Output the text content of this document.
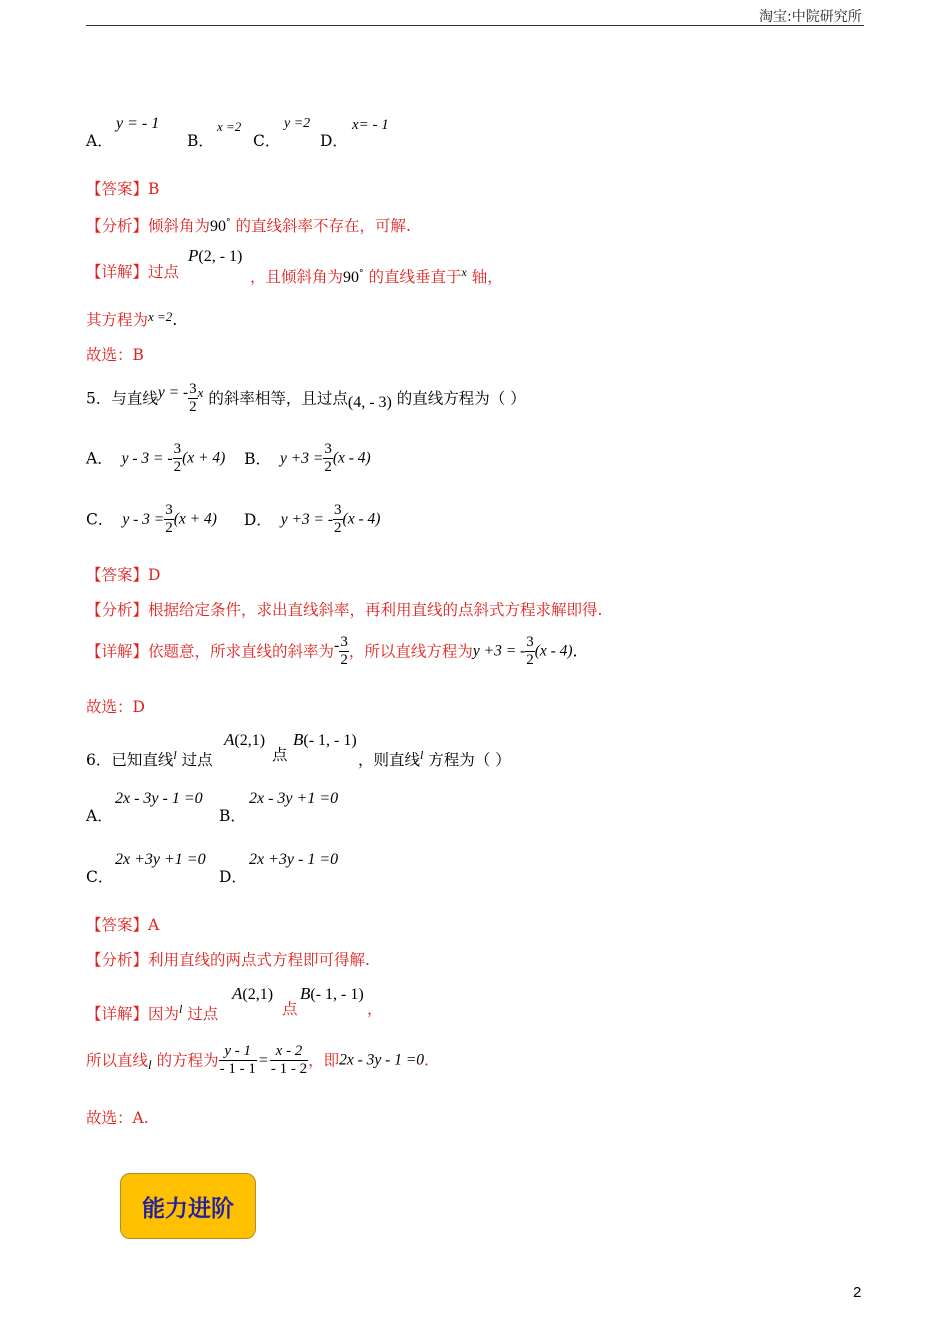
淘宝:中院研究所
A．
y = - 1
B．
x =2
C．
y =2
D．
x= - 1
【答案】B
【分析】倾斜角为90° 的直线斜率不存在，可解.
【详解】过点
P(2, - 1)
，且倾斜角为90° 的直线垂直于$^x$ 轴，
其方程为$^{x =2}$.
故选：B
5．与直线y = - $\frac{3}{2} ^x$ 的斜率相等，且过点(4, - 3) 的直线方程为（ ）
A． y - 3 = - $\frac{3}{2} (x + 4)$ B． $y +3 = \frac{3}{2} (x - 4)$
C． $y - 3 = \frac{3}{2} (x + 4)$ D． y +3 = - $\frac{3}{2} (x - 4)$
【答案】D
【分析】根据给定条件，求出直线斜率，再利用直线的点斜式方程求解即得.
【详解】依题意，所求直线的斜率为- $\frac{3}{2}$ ，所以直线方程为y +3 = - $\frac{3}{2} (x - 4)$.
故选：D
6．已知直线$^l$ 过点
A(2,1)
点
B(- 1, - 1)
，则直线$^l$ 方程为（ ）
A．
2x - 3y - 1 =0
B．
2x - 3y +1 =0
C．
2x +3y +1 =0
D．
2x +3y - 1 =0
【答案】A
【分析】利用直线的两点式方程即可得解.
【详解】因为$^l$ 过点
A(2,1)
点
B(- 1, - 1)
，
所以直线$_l$ 的方程为 $\frac{y - 1}{- 1 - 1} = \frac{x - 2}{- 1 - 2}$ ，即2x - 3y - 1 =0.
故选：A.
能力进阶
2
